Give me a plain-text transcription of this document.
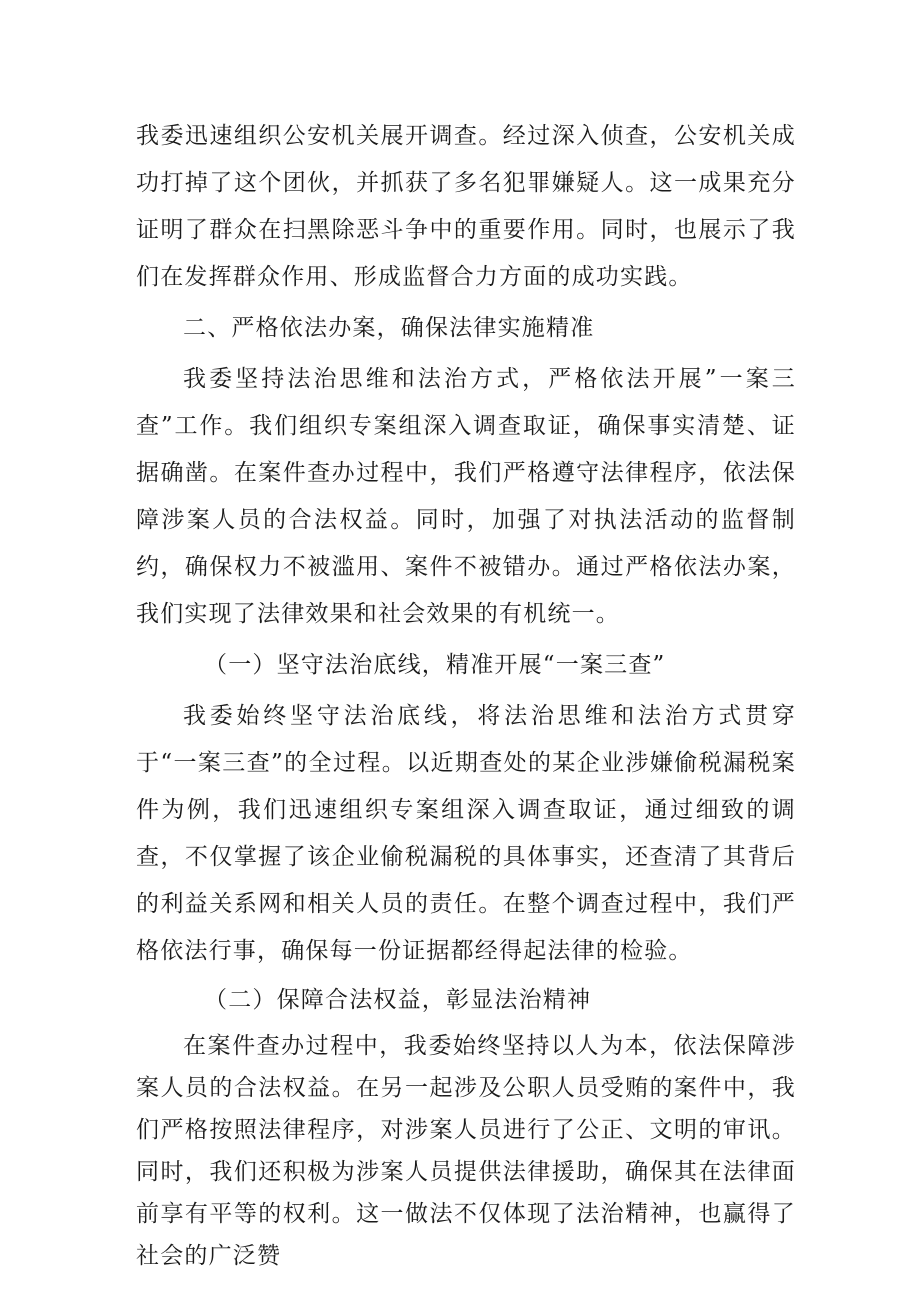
我委迅速组织公安机关展开调查。经过深入侦查，公安机关成功打掉了这个团伙，并抓获了多名犯罪嫌疑人。这一成果充分证明了群众在扫黑除恶斗争中的重要作用。同时，也展示了我们在发挥群众作用、形成监督合力方面的成功实践。

二、严格依法办案，确保法律实施精准

我委坚持法治思维和法治方式，严格依法开展”一案三查”工作。我们组织专案组深入调查取证，确保事实清楚、证据确凿。在案件查办过程中，我们严格遵守法律程序，依法保障涉案人员的合法权益。同时，加强了对执法活动的监督制约，确保权力不被滥用、案件不被错办。通过严格依法办案，我们实现了法律效果和社会效果的有机统一。

（一）坚守法治底线，精准开展“一案三查”

我委始终坚守法治底线，将法治思维和法治方式贯穿于“一案三查”的全过程。以近期查处的某企业涉嫌偷税漏税案件为例，我们迅速组织专案组深入调查取证，通过细致的调查，不仅掌握了该企业偷税漏税的具体事实，还查清了其背后的利益关系网和相关人员的责任。在整个调查过程中，我们严格依法行事，确保每一份证据都经得起法律的检验。

（二）保障合法权益，彰显法治精神

在案件查办过程中，我委始终坚持以人为本，依法保障涉案人员的合法权益。在另一起涉及公职人员受贿的案件中，我们严格按照法律程序，对涉案人员进行了公正、文明的审讯。同时，我们还积极为涉案人员提供法律援助，确保其在法律面前享有平等的权利。这一做法不仅体现了法治精神，也赢得了社会的广泛赞
